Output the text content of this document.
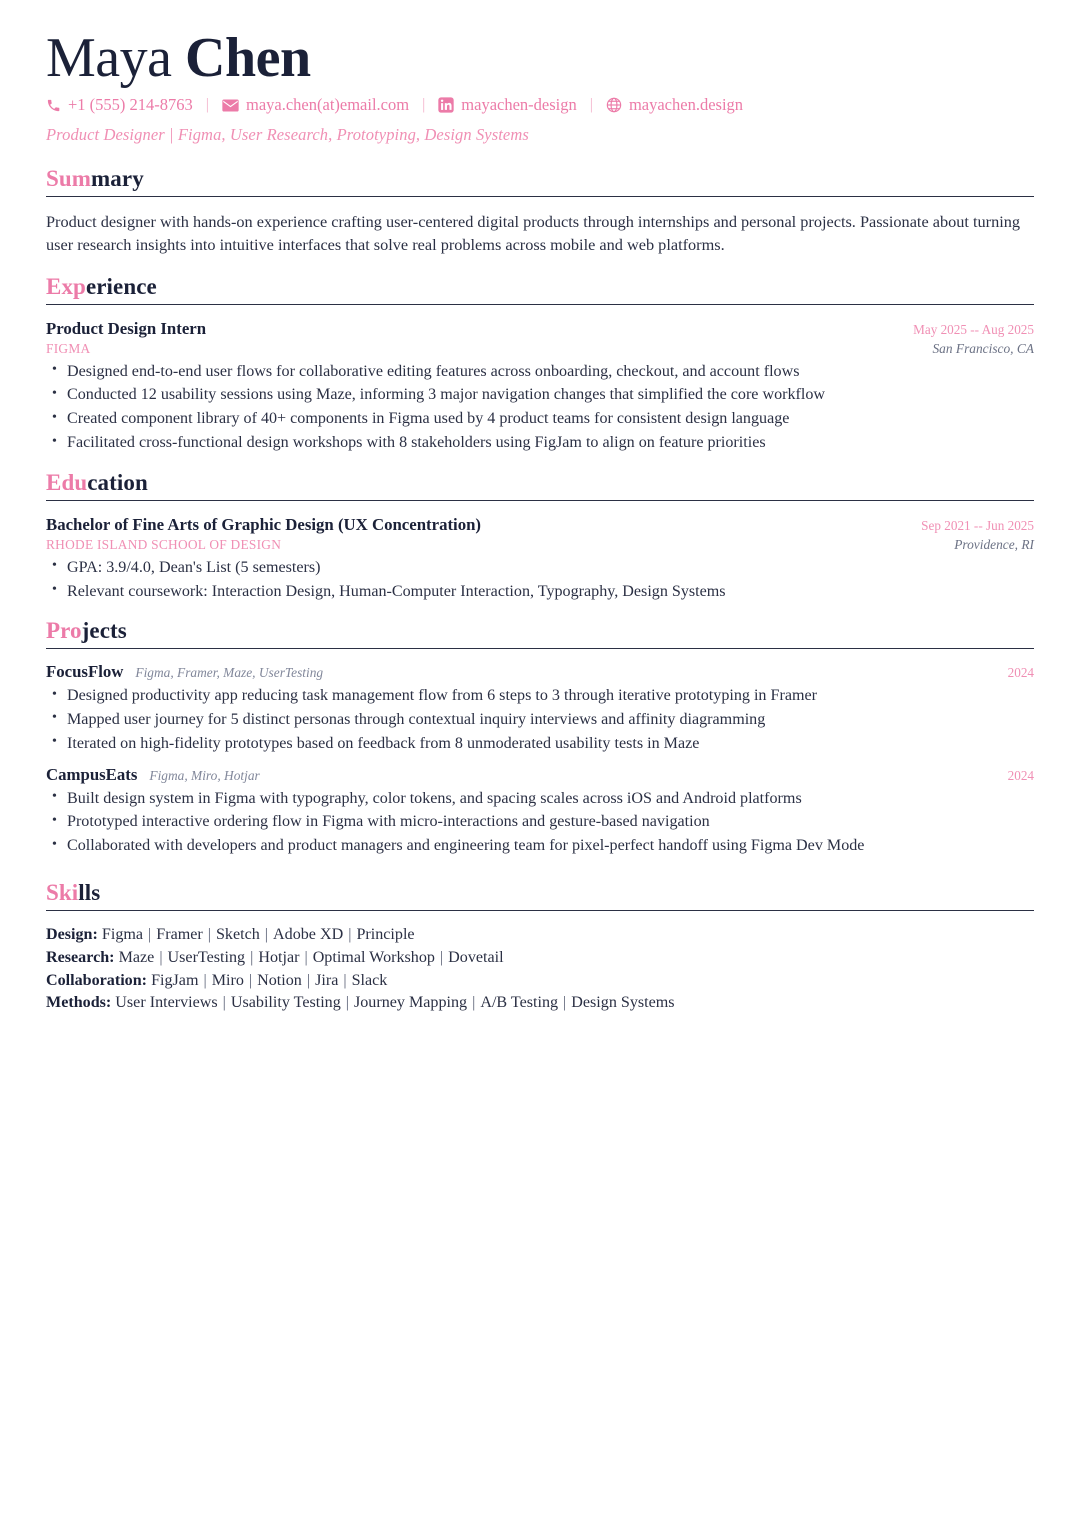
Maya Chen
+1 (555) 214-8763 |	maya.chen(at)email.com |	mayachen-design |	mayachen.design
Product Designer | Figma, User Research, Prototyping, Design Systems
Summary

Product designer with hands-on experience crafting user-centered digital products through internships and personal projects. Passionate about turning user research insights into intuitive interfaces that solve real problems across mobile and web platforms.

Experience
Product Design Intern	May 2025 -- Aug 2025
FIGMA	San Francisco, CA
• Designed end-to-end user flows for collaborative editing features across onboarding, checkout, and account flows
• Conducted 12 usability sessions using Maze, informing 3 major navigation changes that simplified the core workflow
• Created component library of 40+ components in Figma used by 4 product teams for consistent design language
• Facilitated cross-functional design workshops with 8 stakeholders using FigJam to align on feature priorities
Education
Bachelor of Fine Arts of Graphic Design (UX Concentration)	Sep 2021 -- Jun 2025
RHODE ISLAND SCHOOL OF DESIGN	Providence, RI
• GPA: 3.9/4.0, Dean's List (5 semesters)
• Relevant coursework: Interaction Design, Human-Computer Interaction, Typography, Design Systems
Projects
FocusFlow Figma, Framer, Maze, UserTesting	2024
• Designed productivity app reducing task management flow from 6 steps to 3 through iterative prototyping in Framer
• Mapped user journey for 5 distinct personas through contextual inquiry interviews and affinity diagramming
• Iterated on high-fidelity prototypes based on feedback from 8 unmoderated usability tests in Maze
CampusEats Figma, Miro, Hotjar	2024
• Built design system in Figma with typography, color tokens, and spacing scales across iOS and Android platforms
• Prototyped interactive ordering flow in Figma with micro-interactions and gesture-based navigation
• Collaborated with developers and product managers and engineering team for pixel-perfect handoff using Figma Dev Mode
Skills
Design: Figma | Framer | Sketch | Adobe XD | Principle
Research: Maze | UserTesting | Hotjar | Optimal Workshop | Dovetail
Collaboration: FigJam | Miro | Notion | Jira | Slack
Methods: User Interviews | Usability Testing | Journey Mapping | A/B Testing | Design Systems
